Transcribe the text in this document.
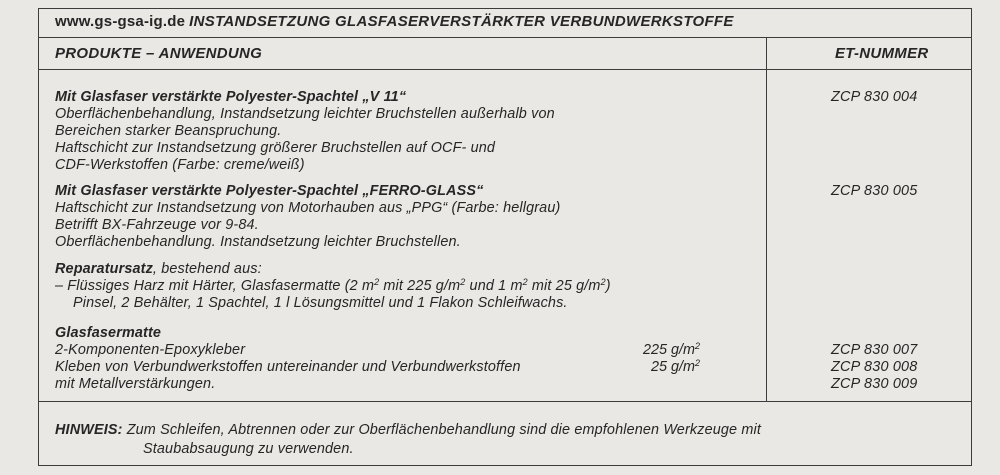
www.gs-gsa-ig.de INSTANDSETZUNG GLASFASERVERSTÄRKTER VERBUNDWERKSTOFFE
PRODUKTE – ANWENDUNG	ET-NUMMER
Mit Glasfaser verstärkte Polyester-Spachtel „V 11“
Oberflächenbehandlung, Instandsetzung leichter Bruchstellen außerhalb von
Bereichen starker Beanspruchung.
Haftschicht zur Instandsetzung größerer Bruchstellen auf OCF- und
CDF-Werkstoffen (Farbe: creme/weiß)
ZCP 830 004
Mit Glasfaser verstärkte Polyester-Spachtel „FERRO-GLASS“
Haftschicht zur Instandsetzung von Motorhauben aus „PPG“ (Farbe: hellgrau)
Betrifft BX-Fahrzeuge vor 9-84.
Oberflächenbehandlung. Instandsetzung leichter Bruchstellen.
ZCP 830 005
Reparatursatz, bestehend aus:
– Flüssiges Harz mit Härter, Glasfasermatte (2 $m^2$ mit 225 $g/m^2$ und 1 $m^2$ mit 25 $g/m^2$)
Pinsel, 2 Behälter, 1 Spachtel, 1 l Lösungsmittel und 1 Flakon Schleifwachs.
Glasfasermatte
2-Komponenten-Epoxykleber
Kleben von Verbundwerkstoffen untereinander und Verbundwerkstoffen
mit Metallverstärkungen.
225 $g/m^2$
25 $g/m^2$
ZCP 830 007
ZCP 830 008
ZCP 830 009
HINWEIS: Zum Schleifen, Abtrennen oder zur Oberflächenbehandlung sind die empfohlenen Werkzeuge mit
Staubabsaugung zu verwenden.
